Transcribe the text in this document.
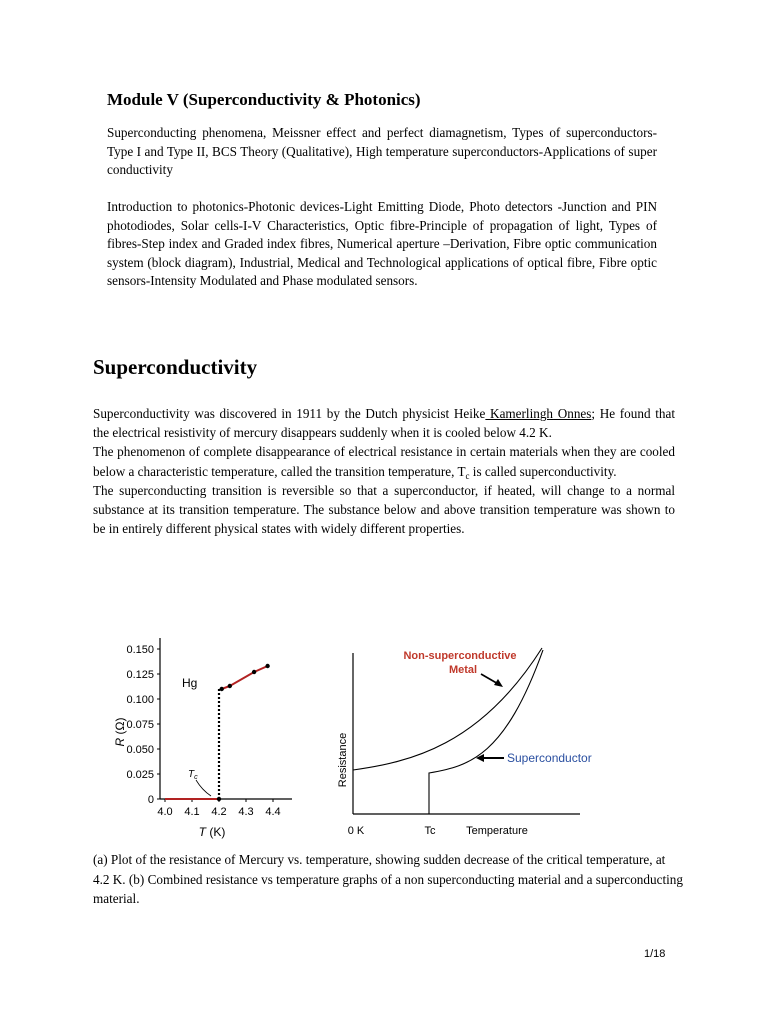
Module V (Superconductivity & Photonics)

Superconducting phenomena, Meissner effect and perfect diamagnetism, Types of superconductors- Type I and Type II, BCS Theory (Qualitative), High temperature superconductors-Applications of super conductivity

Introduction to photonics-Photonic devices-Light Emitting Diode, Photo detectors -Junction and PIN photodiodes, Solar cells-I-V Characteristics, Optic fibre-Principle of propagation of light, Types of fibres-Step index and Graded index fibres, Numerical aperture –Derivation, Fibre optic communication system (block diagram), Industrial, Medical and Technological applications of optical fibre, Fibre optic sensors-Intensity Modulated and Phase modulated sensors.

Superconductivity

Superconductivity was discovered in 1911 by the Dutch physicist Heike Kamerlingh Onnes; He found that the electrical resistivity of mercury disappears suddenly when it is cooled below 4.2 K.

The phenomenon of complete disappearance of electrical resistance in certain materials when they are cooled below a characteristic temperature, called the transition temperature, $T_c$ is called superconductivity.

The superconducting transition is reversible so that a superconductor, if heated, will change to a normal substance at its transition temperature. The substance below and above transition temperature was shown to be in entirely different physical states with widely different properties.

0
0.025
0.050
0.075
0.100
0.125
0.150
4.0 4.1 4.2 4.3 4.4
Hg
$T_c$
T (K)
R (Ω)
Non-superconductive
Metal
Superconductor
0 K	Tc	Temperature
Resistance

(a) Plot of the resistance of Mercury vs. temperature, showing sudden decrease of the critical temperature, at 4.2 K. (b) Combined resistance vs temperature graphs of a non superconducting material and a superconducting material.

1/18
